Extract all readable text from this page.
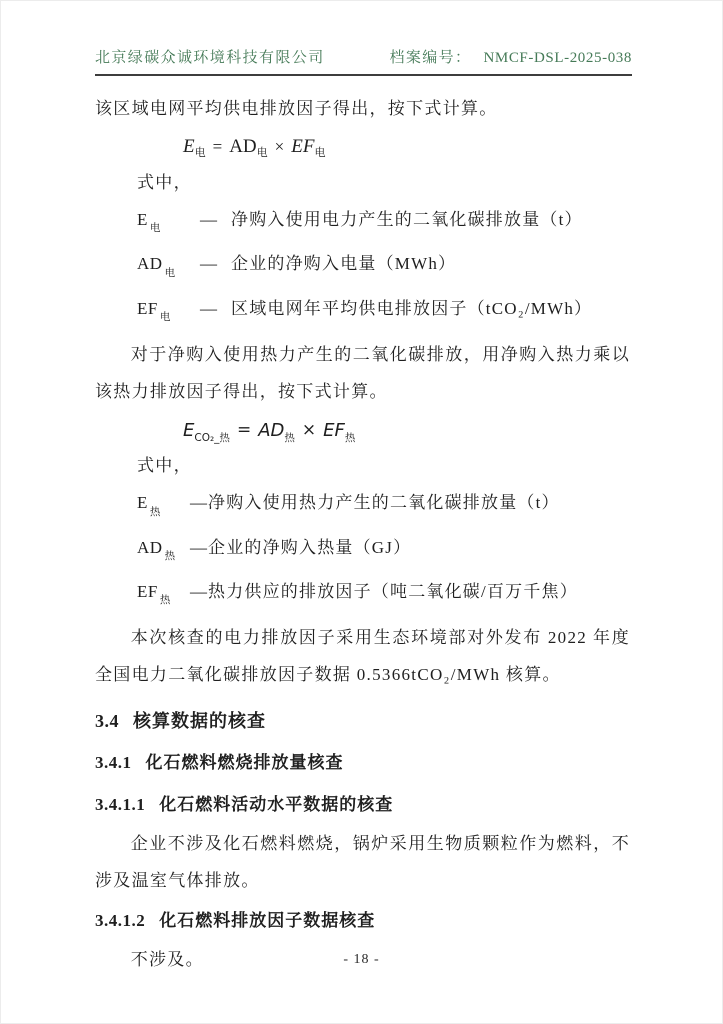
北京绿碳众诚环境科技有限公司	档案编号： NMCF-DSL-2025-038

该区域电网平均供电排放因子得出，按下式计算。

$E_电 = AD_电 \times EF_电$

式中，

E $_电$	— 净购入使用电力产生的二氧化碳排放量（t）
AD $_电$	— 企业的净购入电量（MWh）
EF $_电$	— 区域电网年平均供电排放因子（tCO₂/MWh）

对于净购入使用热力产生的二氧化碳排放，用净购入热力乘以该热力排放因子得出，按下式计算。

$E_{CO_2\_热} = AD_热 \times EF_热$

式中，

E $_热$	— 净购入使用热力产生的二氧化碳排放量（t）
AD $_热$ — 企业的净购入热量（GJ）
EF $_热$	— 热力供应的排放因子（吨二氧化碳/百万千焦）

本次核查的电力排放因子采用生态环境部对外发布 2022 年度全国电力二氧化碳排放因子数据 0.5366tCO₂/MWh 核算。

3.4 核算数据的核查
3.4.1 化石燃料燃烧排放量核查
3.4.1.1 化石燃料活动水平数据的核查

企业不涉及化石燃料燃烧，锅炉采用生物质颗粒作为燃料，不涉及温室气体排放。

3.4.1.2 化石燃料排放因子数据核查

不涉及。	- 18 -
